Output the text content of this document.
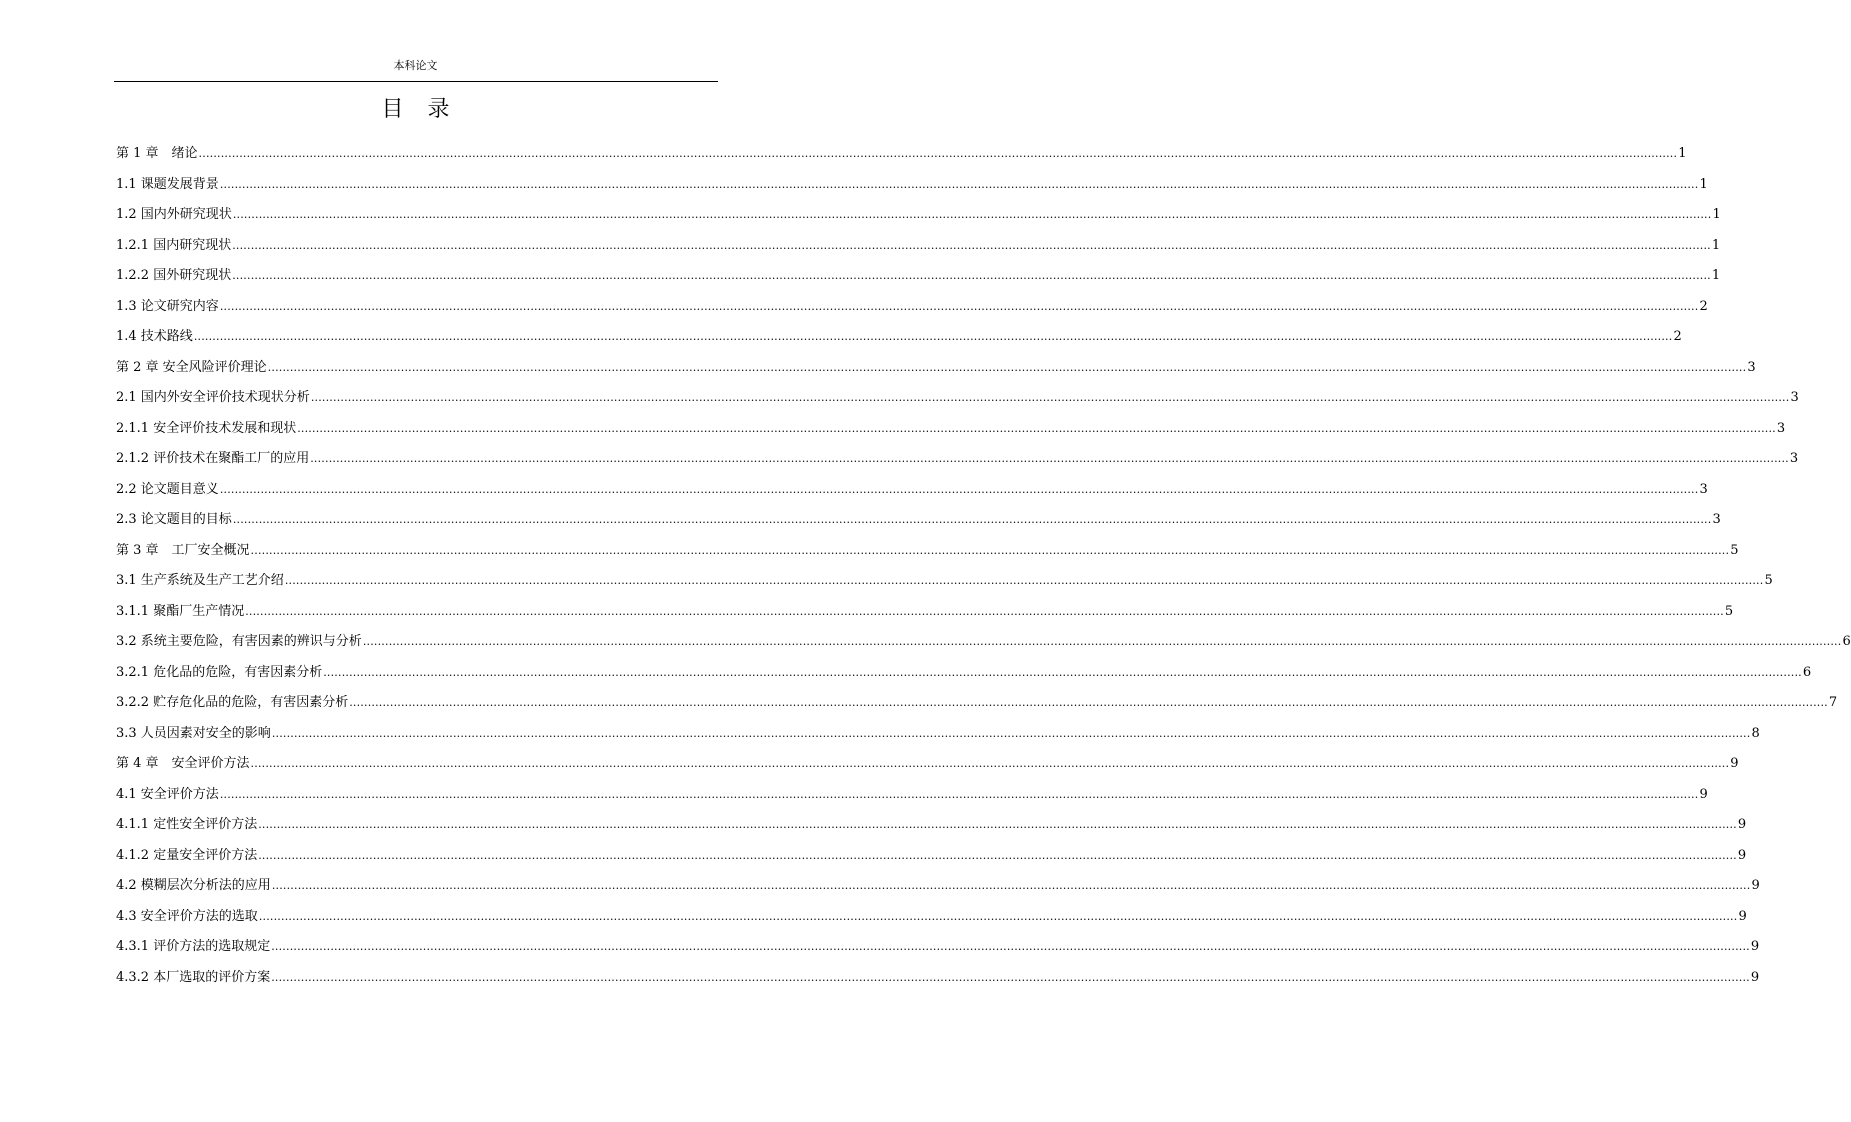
本科论文
目 录
第 1 章　绪论 ................................................................................................................................................................................................................................................................................................................................................................................................................ 1
1.1 课题发展背景 ................................................................................................................................................................................................................................................................................................................................................................................................................ 1
1.2 国内外研究现状 ................................................................................................................................................................................................................................................................................................................................................................................................................ 1
1.2.1 国内研究现状 ................................................................................................................................................................................................................................................................................................................................................................................................................ 1
1.2.2 国外研究现状 ................................................................................................................................................................................................................................................................................................................................................................................................................ 1
1.3 论文研究内容 ................................................................................................................................................................................................................................................................................................................................................................................................................ 2
1.4 技术路线 ................................................................................................................................................................................................................................................................................................................................................................................................................ 2
第 2 章 安全风险评价理论 ................................................................................................................................................................................................................................................................................................................................................................................................................ 3
2.1 国内外安全评价技术现状分析 ................................................................................................................................................................................................................................................................................................................................................................................................................ 3
2.1.1 安全评价技术发展和现状 ................................................................................................................................................................................................................................................................................................................................................................................................................ 3
2.1.2 评价技术在聚酯工厂的应用 ................................................................................................................................................................................................................................................................................................................................................................................................................ 3
2.2 论文题目意义 ................................................................................................................................................................................................................................................................................................................................................................................................................ 3
2.3 论文题目的目标 ................................................................................................................................................................................................................................................................................................................................................................................................................ 3
第 3 章　工厂安全概况 ................................................................................................................................................................................................................................................................................................................................................................................................................ 5
3.1 生产系统及生产工艺介绍 ................................................................................................................................................................................................................................................................................................................................................................................................................ 5
3.1.1 聚酯厂生产情况 ................................................................................................................................................................................................................................................................................................................................................................................................................ 5
3.2 系统主要危险，有害因素的辨识与分析 ................................................................................................................................................................................................................................................................................................................................................................................................................ 6
3.2.1 危化品的危险，有害因素分析 ................................................................................................................................................................................................................................................................................................................................................................................................................ 6
3.2.2 贮存危化品的危险，有害因素分析 ................................................................................................................................................................................................................................................................................................................................................................................................................ 7
3.3 人员因素对安全的影响 ................................................................................................................................................................................................................................................................................................................................................................................................................ 8
第 4 章　安全评价方法 ................................................................................................................................................................................................................................................................................................................................................................................................................ 9
4.1 安全评价方法 ................................................................................................................................................................................................................................................................................................................................................................................................................ 9
4.1.1 定性安全评价方法 ................................................................................................................................................................................................................................................................................................................................................................................................................ 9
4.1.2 定量安全评价方法 ................................................................................................................................................................................................................................................................................................................................................................................................................ 9
4.2 模糊层次分析法的应用 ................................................................................................................................................................................................................................................................................................................................................................................................................ 9
4.3 安全评价方法的选取 ................................................................................................................................................................................................................................................................................................................................................................................................................ 9
4.3.1 评价方法的选取规定 ................................................................................................................................................................................................................................................................................................................................................................................................................ 9
4.3.2 本厂选取的评价方案 ................................................................................................................................................................................................................................................................................................................................................................................................................ 9
